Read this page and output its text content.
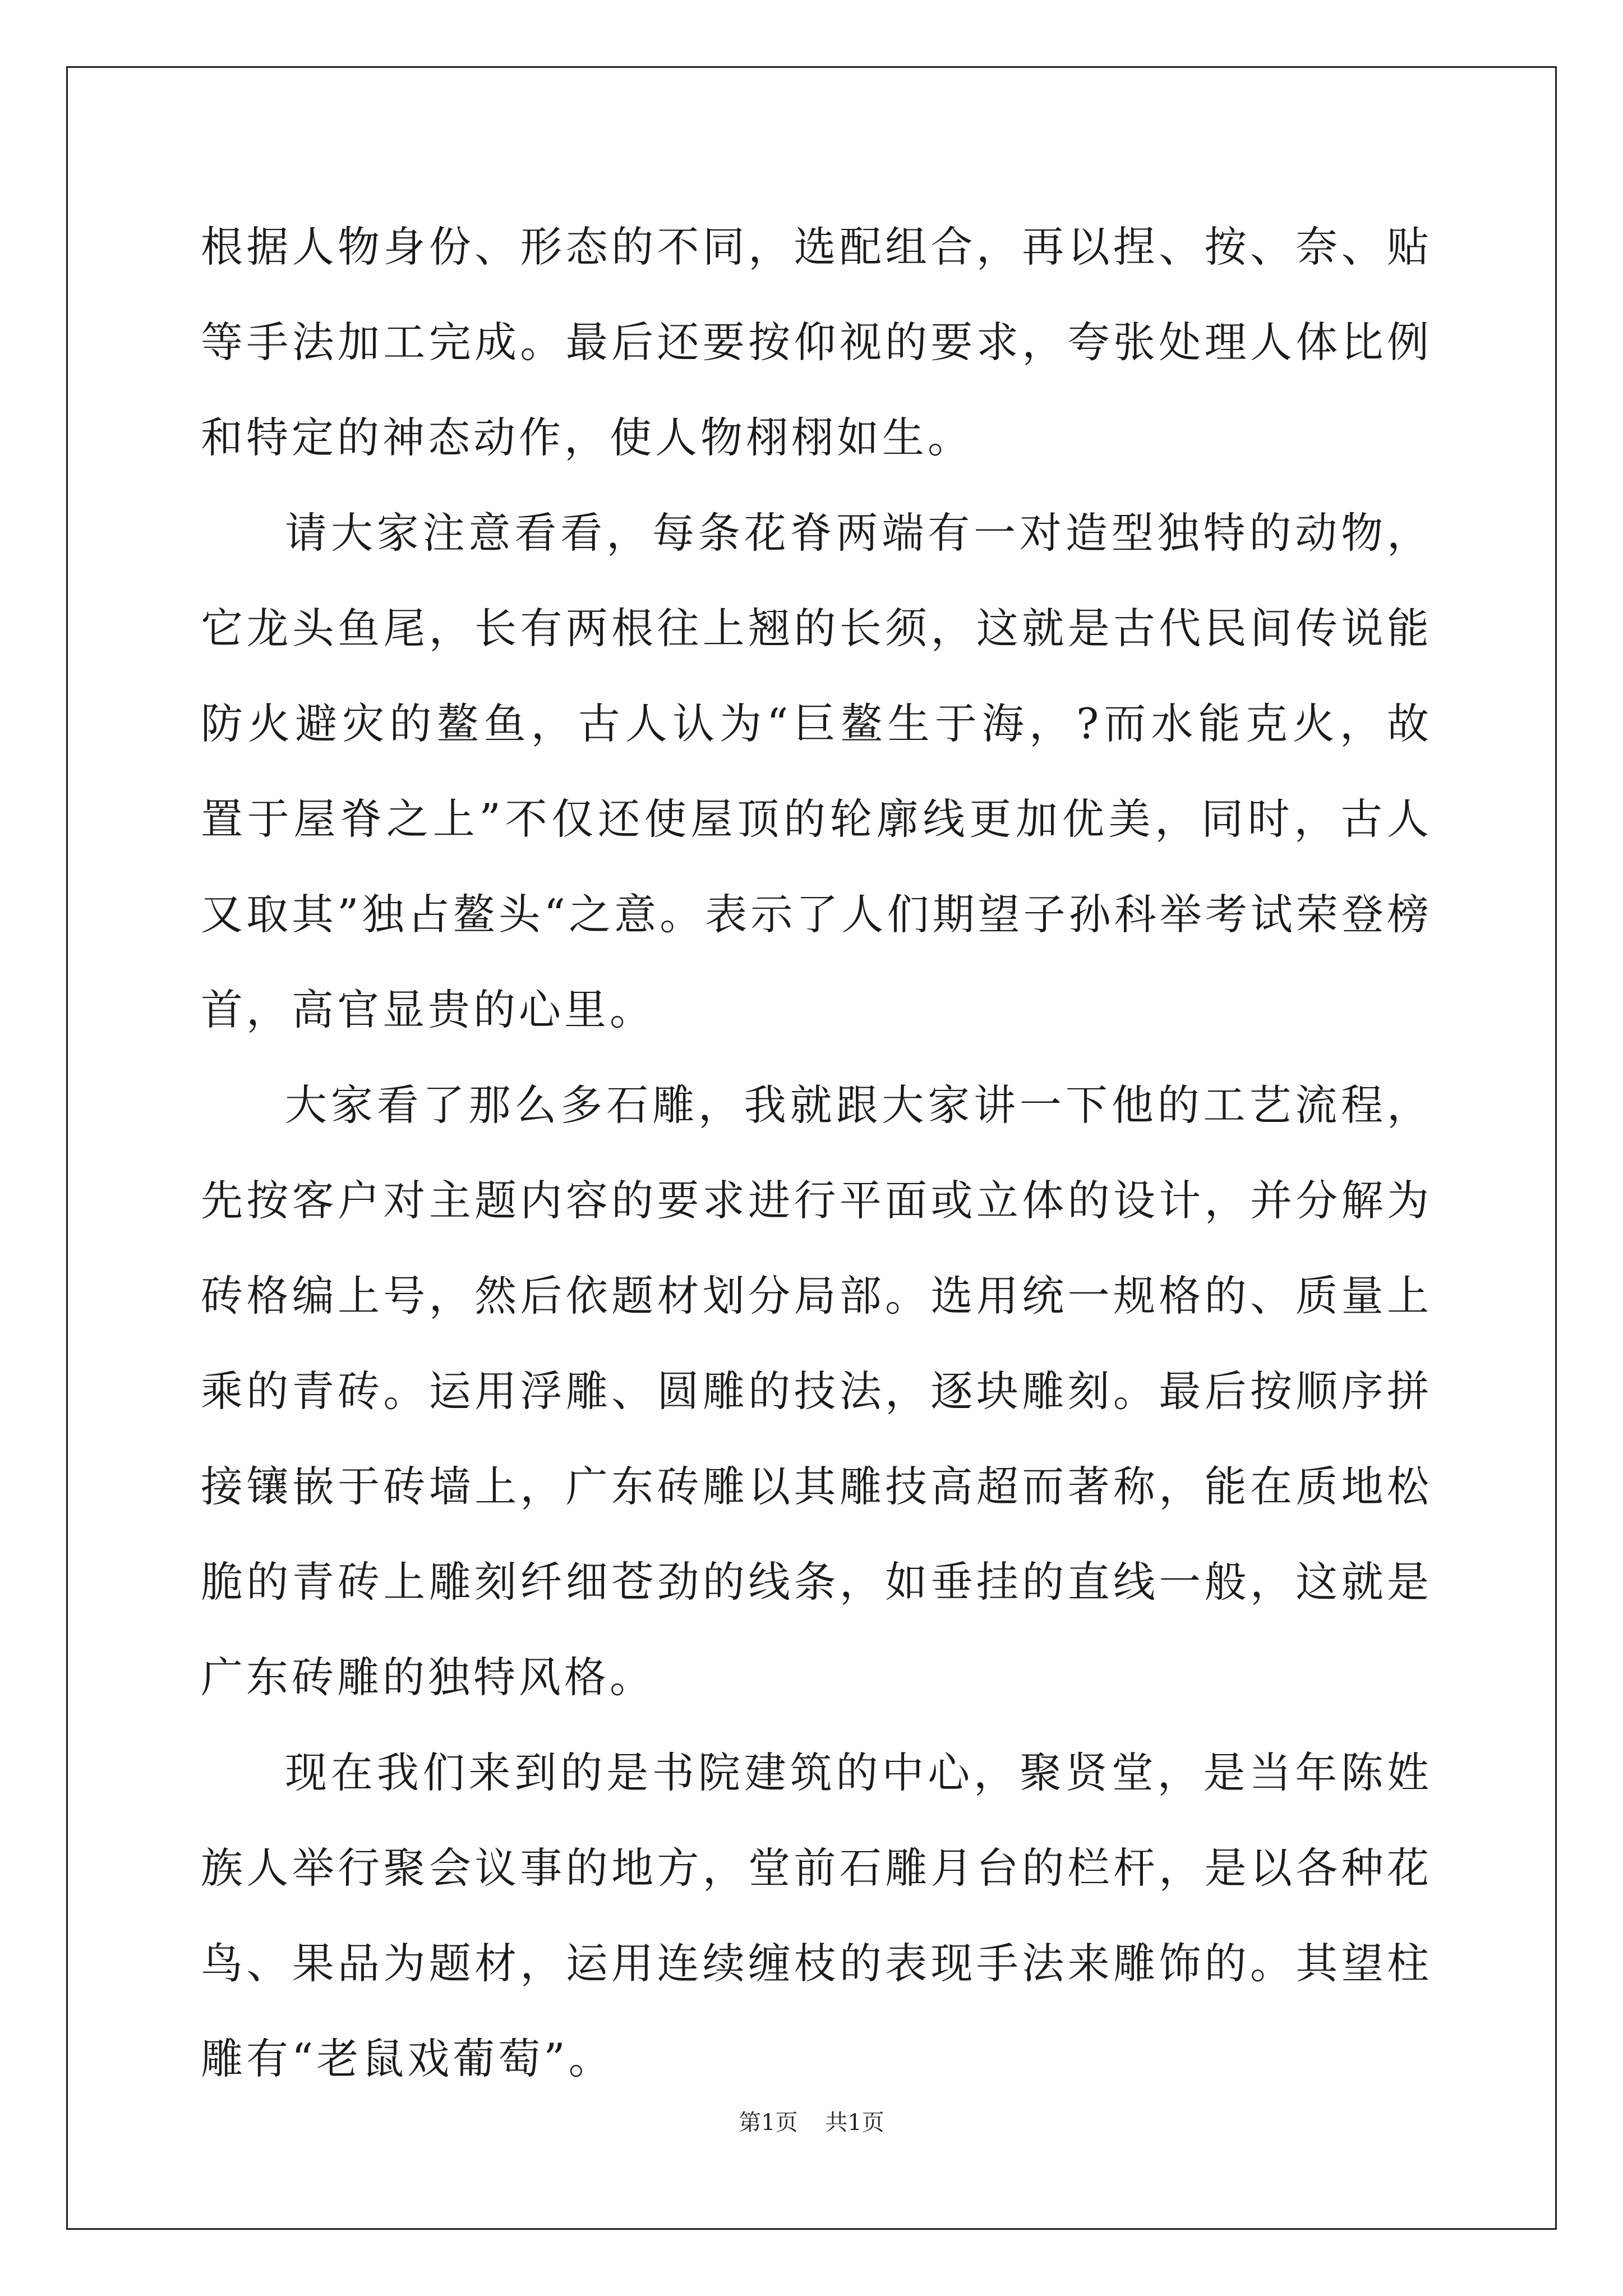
根据人物身份、形态的不同，选配组合，再以捏、按、奈、贴等手法加工完成。最后还要按仰视的要求，夸张处理人体比例和特定的神态动作，使人物栩栩如生。

请大家注意看看，每条花脊两端有一对造型独特的动物，它龙头鱼尾，长有两根往上翘的长须，这就是古代民间传说能防火避灾的鳌鱼，古人认为“巨鳌生于海，?而水能克火，故置于屋脊之上”不仅还使屋顶的轮廓线更加优美，同时，古人又取其”独占鳌头“之意。表示了人们期望子孙科举考试荣登榜首，高官显贵的心里。

大家看了那么多石雕，我就跟大家讲一下他的工艺流程，先按客户对主题内容的要求进行平面或立体的设计，并分解为砖格编上号，然后依题材划分局部。选用统一规格的、质量上乘的青砖。运用浮雕、圆雕的技法，逐块雕刻。最后按顺序拼接镶嵌于砖墙上，广东砖雕以其雕技高超而著称，能在质地松脆的青砖上雕刻纤细苍劲的线条，如垂挂的直线一般，这就是广东砖雕的独特风格。

现在我们来到的是书院建筑的中心，聚贤堂，是当年陈姓族人举行聚会议事的地方，堂前石雕月台的栏杆，是以各种花鸟、果品为题材，运用连续缠枝的表现手法来雕饰的。其望柱雕有“老鼠戏葡萄”。

第1页 共1页
